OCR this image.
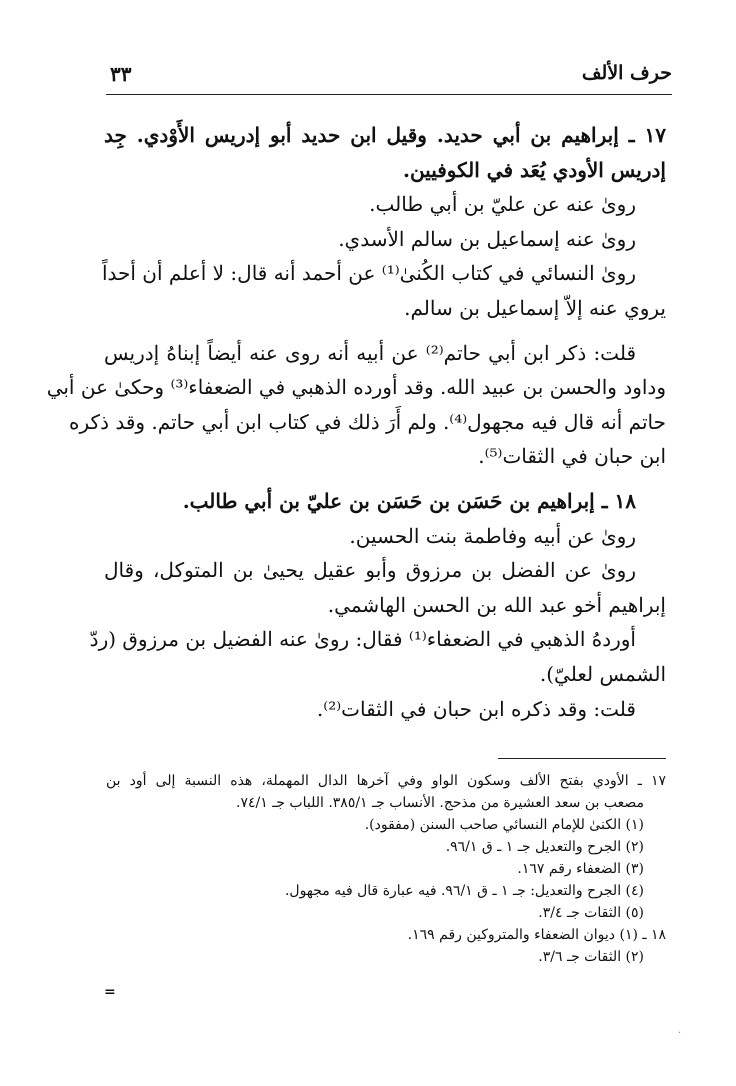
حرف الألف
٣٣
١٧ ـ إبراهيم بن أبي حديد. وقيل ابن حديد أبو إدريس الأَوْدي. جِد
إدريس الأودي يُعَد في الكوفيين.
روىٰ عنه عن عليّ بن أبي طالب.
روىٰ عنه إسماعيل بن سالم الأسدي.
روىٰ النسائي في كتاب الكُنىٰ⁽¹⁾ عن أحمد أنه قال: لا أعلم أن أحداً
يروي عنه إلاّ إسماعيل بن سالم.
قلت: ذكر ابن أبي حاتم⁽²⁾ عن أبيه أنه روى عنه أيضاً إبناهُ إدريس
وداود والحسن بن عبيد الله. وقد أورده الذهبي في الضعفاء⁽³⁾ وحكىٰ عن أبي
حاتم أنه قال فيه مجهول⁽⁴⁾. ولم أَرَ ذلك في كتاب ابن أبي حاتم. وقد ذكره
ابن حبان في الثقات⁽⁵⁾.
١٨ ـ إبراهيم بن حَسَن بن حَسَن بن عليّ بن أبي طالب.
روىٰ عن أبيه وفاطمة بنت الحسين.
روىٰ عن الفضل بن مرزوق وأبو عقيل يحيىٰ بن المتوكل، وقال
إبراهيم أخو عبد الله بن الحسن الهاشمي.
أوردهُ الذهبي في الضعفاء⁽¹⁾ فقال: روىٰ عنه الفضيل بن مرزوق (ردّ
الشمس لعليّ).
قلت: وقد ذكره ابن حبان في الثقات⁽²⁾.
١٧ ـ الأودي بفتح الألف وسكون الواو وفي آخرها الدال المهملة، هذه النسبة إلى أود بن
مصعب بن سعد العشيرة من مذحج. الأنساب جـ ٣٨٥/١. اللباب جـ ٧٤/١.
(١) الكنىٰ للإمام النسائي صاحب السنن (مفقود).
(٢) الجرح والتعديل جـ ١ ـ ق ٩٦/١.
(٣) الضعفاء رقم ١٦٧.
(٤) الجرح والتعديل: جـ ١ ـ ق ٩٦/١. فيه عبارة قال فيه مجهول.
(٥) الثقات جـ ٣/٤.
١٨ ـ (١) ديوان الضعفاء والمتروكين رقم ١٦٩.
(٢) الثقات جـ ٣/٦.
=
·
